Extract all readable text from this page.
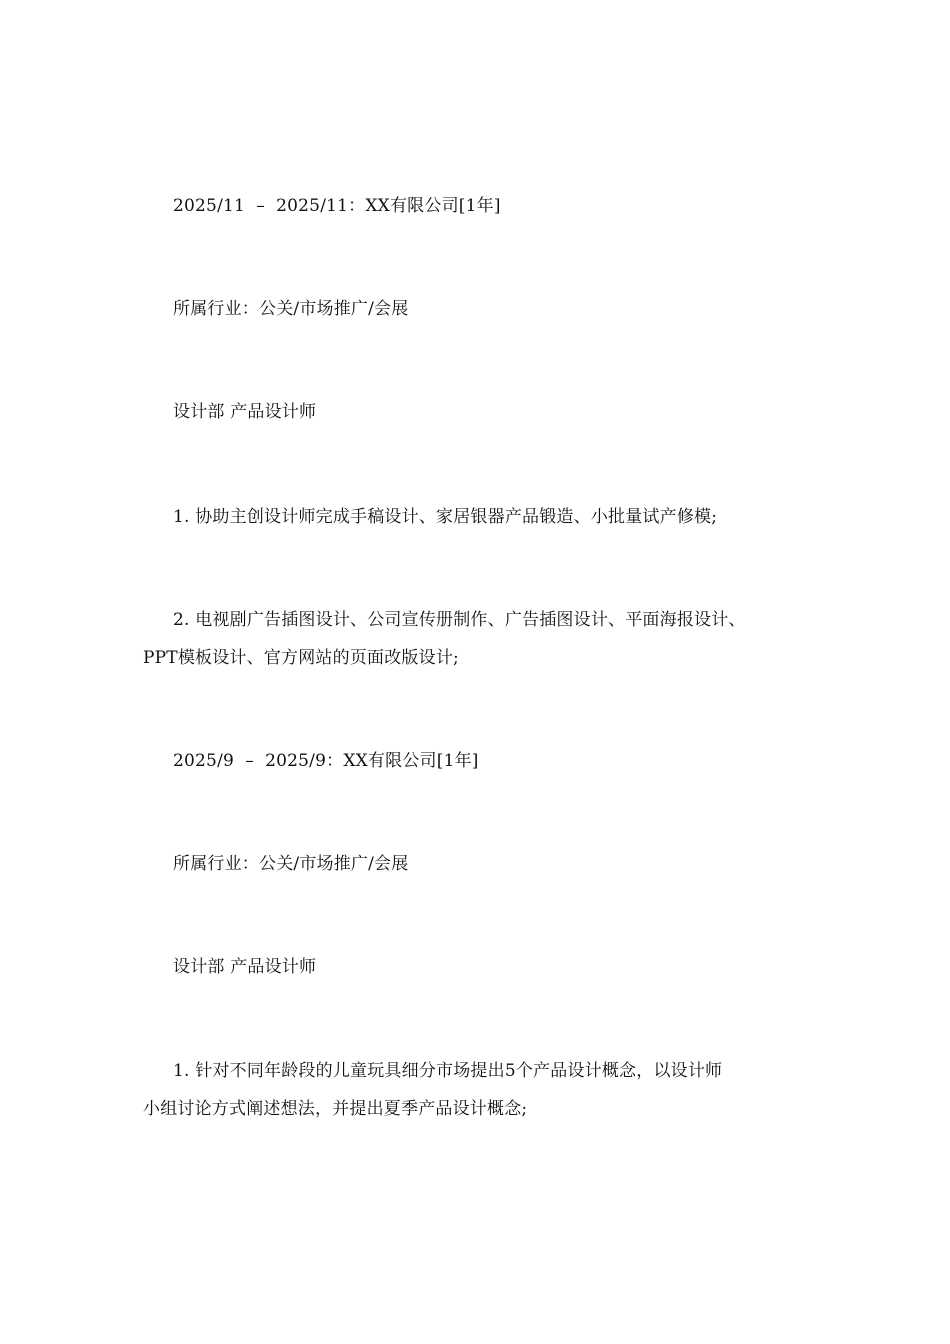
2025/11  –  2025/11：XX有限公司[1年]
所属行业：公关/市场推广/会展
设计部 产品设计师
1. 协助主创设计师完成手稿设计、家居银器产品锻造、小批量试产修模;
2. 电视剧广告插图设计、公司宣传册制作、广告插图设计、平面海报设计、
PPT模板设计、官方网站的页面改版设计;
2025/9  –  2025/9：XX有限公司[1年]
所属行业：公关/市场推广/会展
设计部 产品设计师
1. 针对不同年龄段的儿童玩具细分市场提出5个产品设计概念，以设计师
小组讨论方式阐述想法，并提出夏季产品设计概念;
